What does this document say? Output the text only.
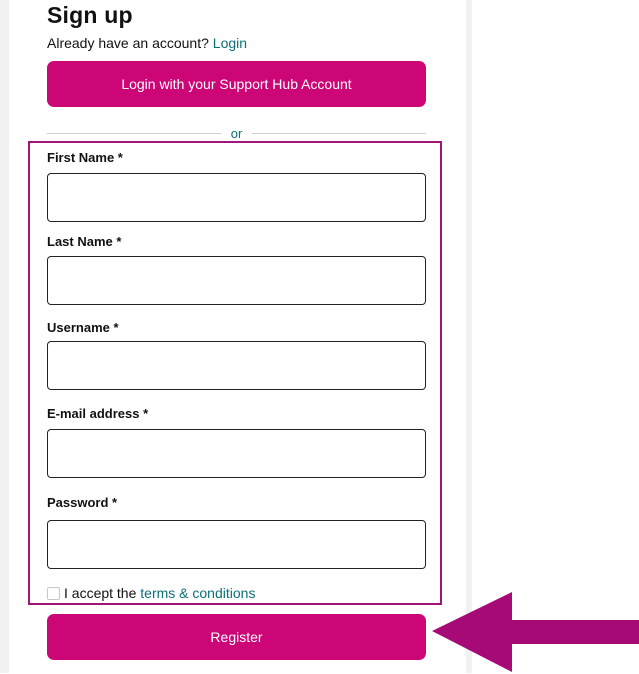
Sign up
Already have an account? Login
Login with your Support Hub Account
or
First Name *
Last Name *
Username *
E-mail address *
Password *
I accept the
terms & conditions
Register
